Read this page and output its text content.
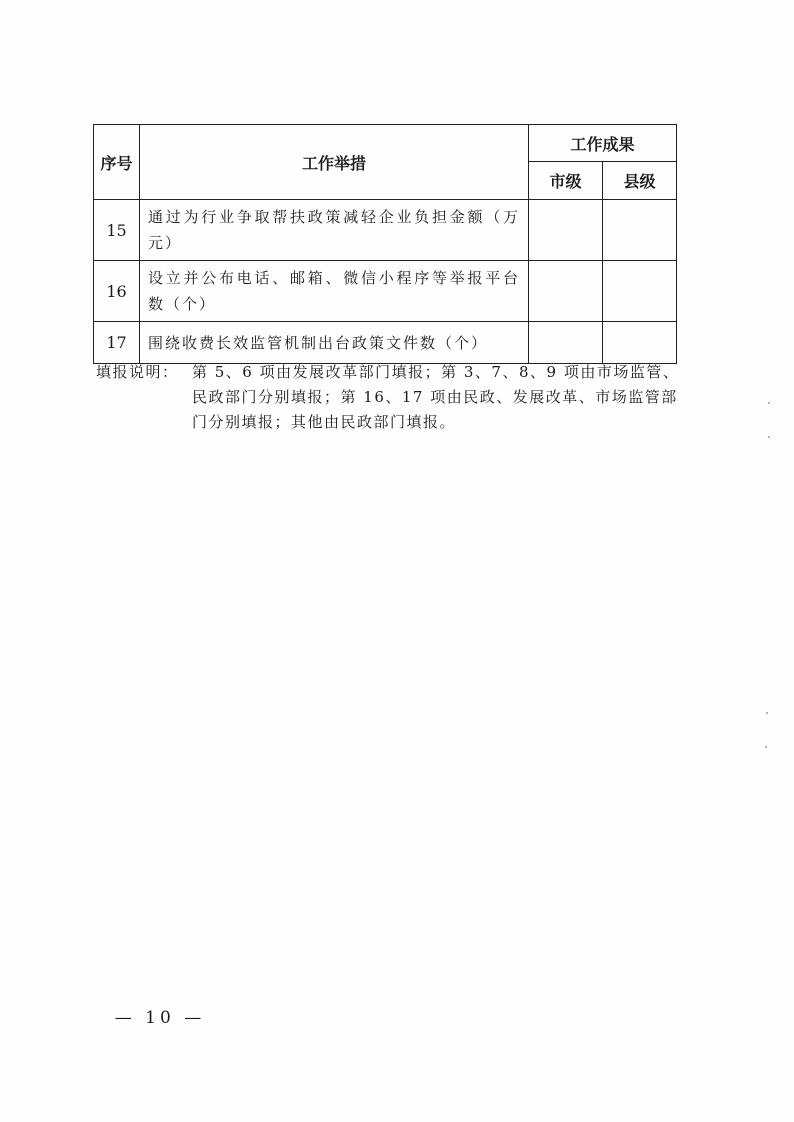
序号	工作举措	工作成果	
		市级	县级
15	通过为行业争取帮扶政策减轻企业负担金额（万元）		
16	设立并公布电话、邮箱、微信小程序等举报平台数（个）		
17	围绕收费长效监管机制出台政策文件数（个）		
填报说明： 第 5、6 项由发展改革部门填报；第 3、7、8、9 项由市场监管、民政部门分别填报；第 16、17 项由民政、发展改革、市场监管部门分别填报；其他由民政部门填报。
— 10 —
